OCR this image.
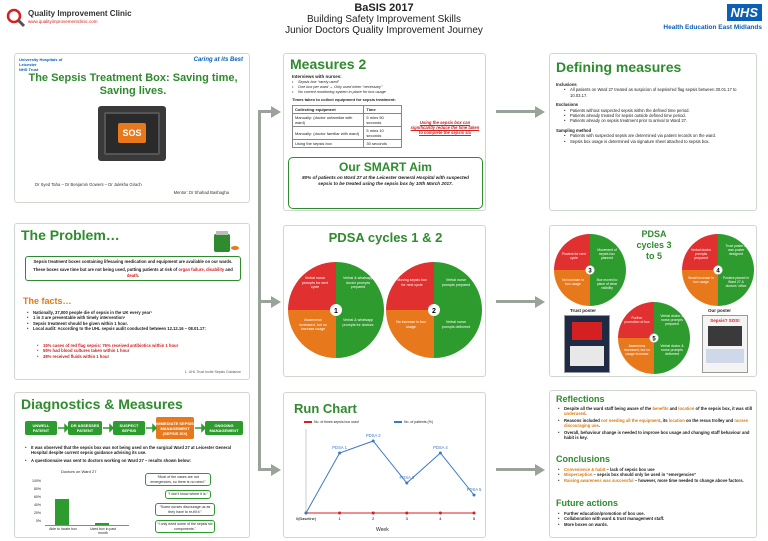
Quality Improvement Clinic
www.qualityimprovementclinic.com
BaSIS 2017
Building Safety Improvement Skills
Junior Doctors Quality Improvement Journey
NHS
Health Education East Midlands
University Hospitals of Leicester
NHS Trust
Caring at its Best
The Sepsis Treatment Box: Saving time, Saving lives.
SOS
Dr Syed Taha – Dr Benjamin Gowers – Dr Julekha Girach
Mentor: Dr Shahad Bashagha
The Problem…
Sepsis treatment boxes containing lifesaving medication and equipment are available on our wards.
These boxes save time but are not being used, putting patients at risk of organ failure, disability and death.
The facts…
• Nationally, 37,000 people die of sepsis in the UK every year¹
• 1 in 3 are preventable with timely intervention¹
• Sepsis treatment should be given within 1 hour.
• Local audit: According to the UHL sepsis audit conducted between 12.12.16 – 08.01.17:
• 15% cases of red flag sepsis: 76% received antibiotics within 1 hour
• 55% had blood cultures taken within 1 hour
• 38% received fluids within 1 hour
1. UHL Trust Incite Sepsis Guidance
Diagnostics & Measures
UNWELL PATIENT
DR ASSESSES PATIENT
SUSPECT SEPSIS
IMMEDIATE SEPSIS MANAGEMENT (SEPSIS SIX)
ONGOING MANAGEMENT
• It was observed that the sepsis box was not being used on the surgical Ward 27 at Leicester General Hospital despite current sepsis guidance advising its use.
• A questionnaire was sent to doctors working on Ward 27 – results shown below:
Doctors on Ward 27
100%
80%
60%
40%
20%
0%
Able to locate box	Used box in past month
“Most of the cases are not emergencies, so there is no need.”
“I don’t know where it is.”
“Some nurses discourage us as they have to re-fill it.”
“I only need some of the sepsis six components.”
Measures 2
Interviews with nurses:
• Sepsis box “rarely used”
• One box per ward → Only used when “necessary”
• No current monitoring system in place for box usage
Times taken to collect equipment for sepsis treatment:
Collecting equipment	Time
Manually: (doctor unfamiliar with ward)	5 mins 50 seconds
Manually: (doctor familiar with ward)	5 mins 10 seconds
Using the sepsis box	30 seconds
Using the sepsis box can significantly reduce the time taken to complete the sepsis six
Our SMART Aim
80% of patients on Ward 27 at the Leicester General Hospital with suspected sepsis to be treated using the sepsis box by 10th March 2017.
Defining measures
Inclusions
• All patients on Ward 27 treated as suspicion of sepsis/red flag sepsis between 30.01.17 to 10.03.17.
Exclusions
• Patients without suspected sepsis within the defined time period.
• Patients already treated for sepsis outside defined time period.
• Patients already on sepsis treatment prior to arrival to Ward 27.
Sampling method
• Patients with suspected sepsis are determined via patient records on the ward.
• Sepsis box usage is determined via signature sheet attached to sepsis box.
PDSA cycles 1 & 2
1	2
Verbal nurse prompts for next cycle
Verbal & whatsapp doctor prompts prepared
Verbal & whatsapp prompts for doctors
Awareness increased, but no increase usage
Moving sepsis box for next cycle
Verbal nurse prompts prepared
Verbal nurse prompts delivered
No increase in box usage
PDSA cycles 3 to 5
3	4
5
Posters for next cycle
Movement of sepsis box planned
Box moved to place of clear visibility
No increase in box usage
Verbal doctor prompts prepared
Trust poster & own poster designed
Posters placed in Ward 27 & doctors' office
Small increase in box usage
Further promotion of box
Verbal doctor & nurse prompts prepared
Verbal doctor & nurse prompts delivered
Awareness increased, but no usage increase
Trust poster	Our poster
Sepsis? SOS!
Run Chart
No. of times sepsis box used	No. of patients (%)
0(Baseline)	1	2	3	4	5
PDSA 1
PDSA 2
PDSA 3
PDSA 4
PDSA 5
Week
Reflections
• Despite all the ward staff being aware of the benefits and location of the sepsis box, it was still underused.
• Reasons included not needing all the equipment, its location on the resus trolley and nurses discouraging use.
• Overall, behaviour change is needed to improve box usage and changing staff behaviour and habit is key.
Conclusions
• Convenience & habit – lack of sepsis box use
• Misperception – sepsis box should only be used in “emergencies”
• Raising awareness was successful – however, more time needed to change above factors.
Future actions
• Further education/promotion of box use.
• Collaboration with ward & trust management staff.
• More boxes on wards.
